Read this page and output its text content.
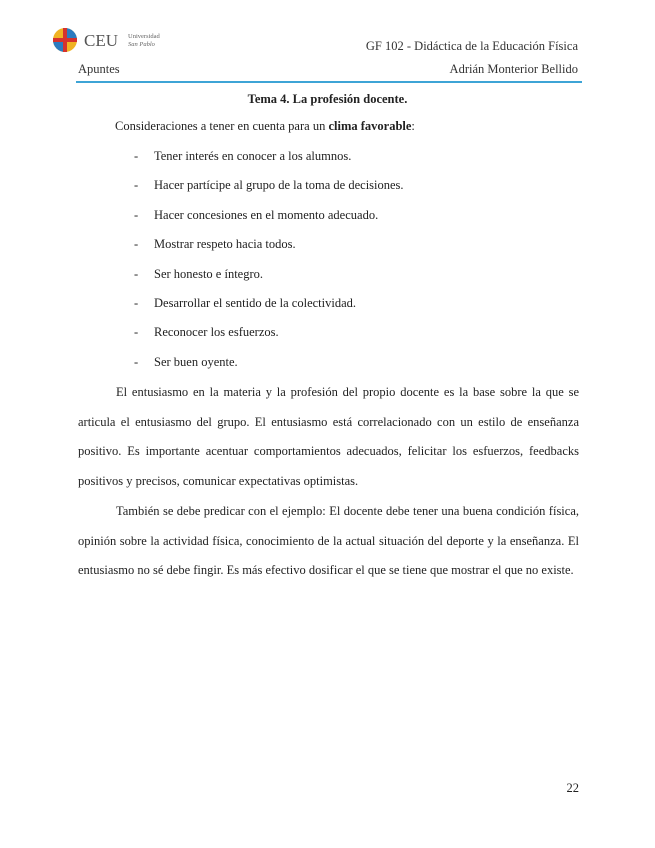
CEU Universidad
San Pablo	GF 102 - Didáctica de la Educación Física
Apuntes	Adrián Monterior Bellido
Tema 4. La profesión docente.
Consideraciones a tener en cuenta para un clima favorable:
-	Tener interés en conocer a los alumnos.
-	Hacer partícipe al grupo de la toma de decisiones.
-	Hacer concesiones en el momento adecuado.
-	Mostrar respeto hacia todos.
-	Ser honesto e íntegro.
-	Desarrollar el sentido de la colectividad.
-	Reconocer los esfuerzos.
-	Ser buen oyente.

El entusiasmo en la materia y la profesión del propio docente es la base sobre la que se articula el entusiasmo del grupo. El entusiasmo está correlacionado con un estilo de enseñanza positivo. Es importante acentuar comportamientos adecuados, felicitar los esfuerzos, feedbacks positivos y precisos, comunicar expectativas optimistas.

También se debe predicar con el ejemplo: El docente debe tener una buena condición física, opinión sobre la actividad física, conocimiento de la actual situación del deporte y la enseñanza. El entusiasmo no sé debe fingir. Es más efectivo dosificar el que se tiene que mostrar el que no existe.

22
